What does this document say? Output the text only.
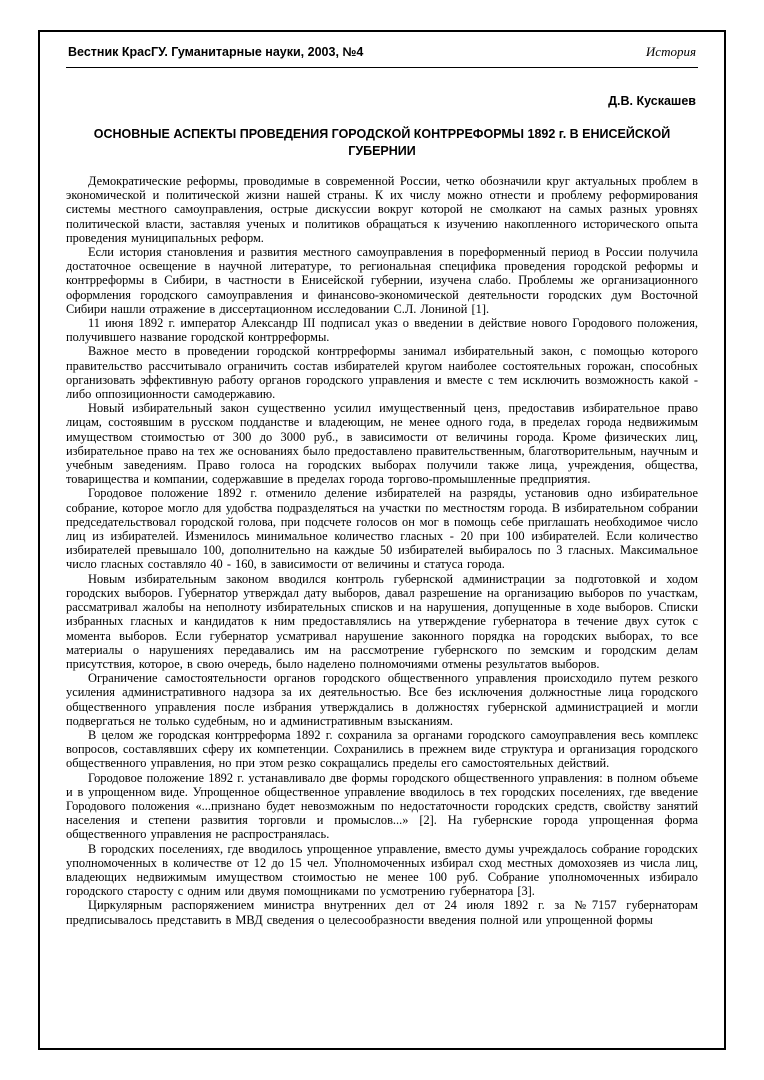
Вестник КрасГУ. Гуманитарные науки, 2003, №4	История
Д.В. Кускашев
ОСНОВНЫЕ АСПЕКТЫ ПРОВЕДЕНИЯ ГОРОДСКОЙ КОНТРРЕФОРМЫ 1892 г. В ЕНИСЕЙСКОЙ ГУБЕРНИИ

Демократические реформы, проводимые в современной России, четко обозначили круг актуальных проблем в экономической и политической жизни нашей страны. К их числу можно отнести и проблему реформирования системы местного самоуправления, острые дискуссии вокруг которой не смолкают на самых разных уровнях политической власти, заставляя ученых и политиков обращаться к изучению накопленного исторического опыта проведения муниципальных реформ.

Если история становления и развития местного самоуправления в пореформенный период в России получила достаточное освещение в научной литературе, то региональная специфика проведения городской реформы и контрреформы в Сибири, в частности в Енисейской губернии, изучена слабо. Проблемы же организационного оформления городского самоуправления и финансово-экономической деятельности городских дум Восточной Сибири нашли отражение в диссертационном исследовании С.Л. Лониной [1].

11 июня 1892 г. император Александр III подписал указ о введении в действие нового Городового положения, получившего название городской контрреформы.

Важное место в проведении городской контрреформы занимал избирательный закон, с помощью которого правительство рассчитывало ограничить состав избирателей кругом наиболее состоятельных горожан, способных организовать эффективную работу органов городского управления и вместе с тем исключить возможность какой - либо оппозиционности самодержавию.

Новый избирательный закон существенно усилил имущественный ценз, предоставив избирательное право лицам, состоявшим в русском подданстве и владеющим, не менее одного года, в пределах города недвижимым имуществом стоимостью от 300 до 3000 руб., в зависимости от величины города. Кроме физических лиц, избирательное право на тех же основаниях было предоставлено правительственным, благотворительным, научным и учебным заведениям. Право голоса на городских выборах получили также лица, учреждения, общества, товарищества и компании, содержавшие в пределах города торгово-промышленные предприятия.

Городовое положение 1892 г. отменило деление избирателей на разряды, установив одно избирательное собрание, которое могло для удобства подразделяться на участки по местностям города. В избирательном собрании председательствовал городской голова, при подсчете голосов он мог в помощь себе приглашать необходимое число лиц из избирателей. Изменилось минимальное количество гласных - 20 при 100 избирателей. Если количество избирателей превышало 100, дополнительно на каждые 50 избирателей выбиралось по 3 гласных. Максимальное число гласных составляло 40 - 160, в зависимости от величины и статуса города.

Новым избирательным законом вводился контроль губернской администрации за подготовкой и ходом городских выборов. Губернатор утверждал дату выборов, давал разрешение на организацию выборов по участкам, рассматривал жалобы на неполноту избирательных списков и на нарушения, допущенные в ходе выборов. Списки избранных гласных и кандидатов к ним предоставлялись на утверждение губернатора в течение двух суток с момента выборов. Если губернатор усматривал нарушение законного порядка на городских выборах, то все материалы о нарушениях передавались им на рассмотрение губернского по земским и городским делам присутствия, которое, в свою очередь, было наделено полномочиями отмены результатов выборов.

Ограничение самостоятельности органов городского общественного управления происходило путем резкого усиления административного надзора за их деятельностью. Все без исключения должностные лица городского общественного управления после избрания утверждались в должностях губернской администрацией и могли подвергаться не только судебным, но и административным взысканиям.

В целом же городская контрреформа 1892 г. сохранила за органами городского самоуправления весь комплекс вопросов, составлявших сферу их компетенции. Сохранились в прежнем виде структура и организация городского общественного управления, но при этом резко сокращались пределы его самостоятельных действий.

Городовое положение 1892 г. устанавливало две формы городского общественного управления: в полном объеме и в упрощенном виде. Упрощенное общественное управление вводилось в тех городских поселениях, где введение Городового положения «...признано будет невозможным по недостаточности городских средств, свойству занятий населения и степени развития торговли и промыслов...» [2]. На губернские города упрощенная форма общественного управления не распространялась.

В городских поселениях, где вводилось упрощенное управление, вместо думы учреждалось собрание городских уполномоченных в количестве от 12 до 15 чел. Уполномоченных избирал сход местных домохозяев из числа лиц, владеющих недвижимым имуществом стоимостью не менее 100 руб. Собрание уполномоченных избирало городского старосту с одним или двумя помощниками по усмотрению губернатора [3].

Циркулярным распоряжением министра внутренних дел от 24 июля 1892 г. за №7157 губернаторам предписывалось представить в МВД сведения о целесообразности введения полной или упрощенной формы
